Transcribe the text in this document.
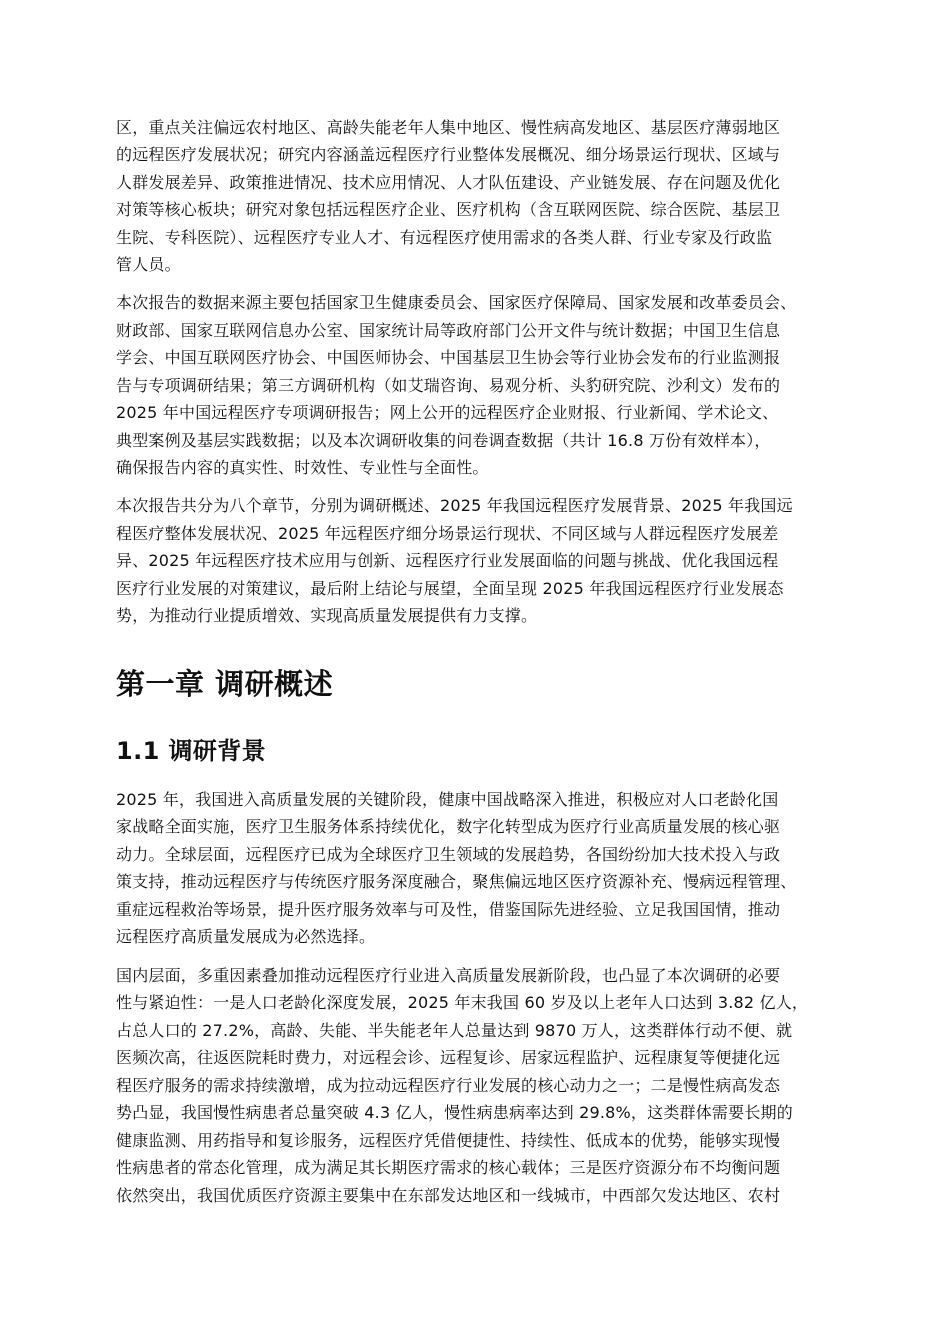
区，重点关注偏远农村地区、高龄失能老年人集中地区、慢性病高发地区、基层医疗薄弱地区

的远程医疗发展状况；研究内容涵盖远程医疗行业整体发展概况、细分场景运行现状、区域与

人群发展差异、政策推进情况、技术应用情况、人才队伍建设、产业链发展、存在问题及优化

对策等核心板块；研究对象包括远程医疗企业、医疗机构（含互联网医院、综合医院、基层卫

生院、专科医院）、远程医疗专业人才、有远程医疗使用需求的各类人群、行业专家及行政监

管人员。

本次报告的数据来源主要包括国家卫生健康委员会、国家医疗保障局、国家发展和改革委员会、

财政部、国家互联网信息办公室、国家统计局等政府部门公开文件与统计数据；中国卫生信息

学会、中国互联网医疗协会、中国医师协会、中国基层卫生协会等行业协会发布的行业监测报

告与专项调研结果；第三方调研机构（如艾瑞咨询、易观分析、头豹研究院、沙利文）发布的

2025 年中国远程医疗专项调研报告；网上公开的远程医疗企业财报、行业新闻、学术论文、

典型案例及基层实践数据；以及本次调研收集的问卷调查数据（共计 16.8 万份有效样本），

确保报告内容的真实性、时效性、专业性与全面性。

本次报告共分为八个章节，分别为调研概述、2025 年我国远程医疗发展背景、2025 年我国远

程医疗整体发展状况、2025 年远程医疗细分场景运行现状、不同区域与人群远程医疗发展差

异、2025 年远程医疗技术应用与创新、远程医疗行业发展面临的问题与挑战、优化我国远程

医疗行业发展的对策建议，最后附上结论与展望，全面呈现 2025 年我国远程医疗行业发展态

势，为推动行业提质增效、实现高质量发展提供有力支撑。

第一章 调研概述
1.1 调研背景

2025 年，我国进入高质量发展的关键阶段，健康中国战略深入推进，积极应对人口老龄化国

家战略全面实施，医疗卫生服务体系持续优化，数字化转型成为医疗行业高质量发展的核心驱

动力。全球层面，远程医疗已成为全球医疗卫生领域的发展趋势，各国纷纷加大技术投入与政

策支持，推动远程医疗与传统医疗服务深度融合，聚焦偏远地区医疗资源补充、慢病远程管理、

重症远程救治等场景，提升医疗服务效率与可及性，借鉴国际先进经验、立足我国国情，推动

远程医疗高质量发展成为必然选择。

国内层面，多重因素叠加推动远程医疗行业进入高质量发展新阶段，也凸显了本次调研的必要

性与紧迫性：一是人口老龄化深度发展，2025 年末我国 60 岁及以上老年人口达到 3.82 亿人，

占总人口的 27.2%，高龄、失能、半失能老年人总量达到 9870 万人，这类群体行动不便、就

医频次高，往返医院耗时费力，对远程会诊、远程复诊、居家远程监护、远程康复等便捷化远

程医疗服务的需求持续激增，成为拉动远程医疗行业发展的核心动力之一；二是慢性病高发态

势凸显，我国慢性病患者总量突破 4.3 亿人，慢性病患病率达到 29.8%，这类群体需要长期的

健康监测、用药指导和复诊服务，远程医疗凭借便捷性、持续性、低成本的优势，能够实现慢

性病患者的常态化管理，成为满足其长期医疗需求的核心载体；三是医疗资源分布不均衡问题

依然突出，我国优质医疗资源主要集中在东部发达地区和一线城市，中西部欠发达地区、农村
